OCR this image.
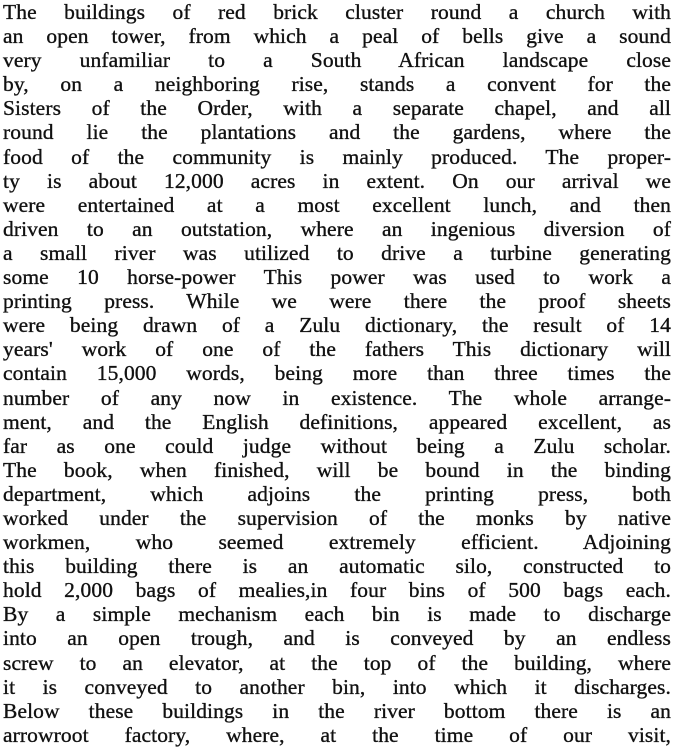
The buildings of red brick cluster round a church with
an open tower, from which a peal of bells give a sound
very unfamiliar to a South African landscape close
by, on a neighboring rise, stands a convent for the
Sisters of the Order, with a separate chapel, and all
round lie the plantations and the gardens, where the
food of the community is mainly produced. The proper-
ty is about 12,000 acres in extent. On our arrival we
were entertained at a most excellent lunch, and then
driven to an outstation, where an ingenious diversion of
a small river was utilized to drive a turbine generating
some 10 horse-power This power was used to work a
printing press. While we were there the proof sheets
were being drawn of a Zulu dictionary, the result of 14
years' work of one of the fathers This dictionary will
contain 15,000 words, being more than three times the
number of any now in existence. The whole arrange-
ment, and the English definitions, appeared excellent, as
far as one could judge without being a Zulu scholar.
The book, when finished, will be bound in the binding
department, which adjoins the printing press, both
worked under the supervision of the monks by native
workmen, who seemed extremely efficient. Adjoining
this building there is an automatic silo, constructed to
hold 2,000 bags of mealies,in four bins of 500 bags each.
By a simple mechanism each bin is made to discharge
into an open trough, and is conveyed by an endless
screw to an elevator, at the top of the building, where
it is conveyed to another bin, into which it discharges.
Below these buildings in the river bottom there is an
arrowroot factory, where, at the time of our visit,
